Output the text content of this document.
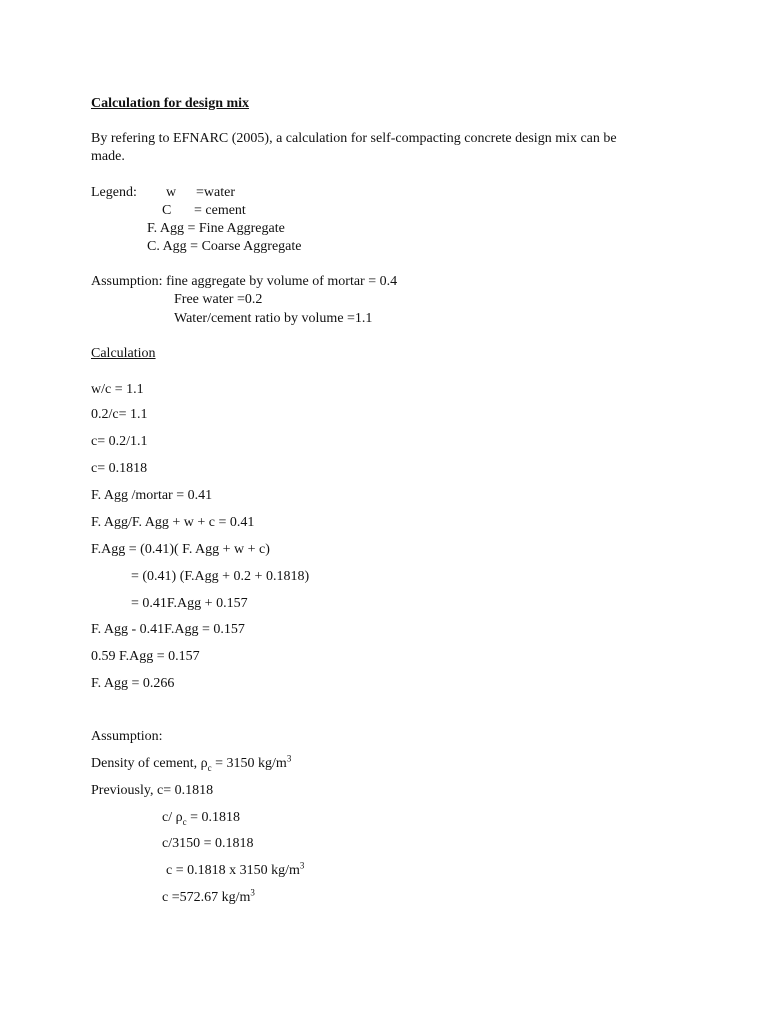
Calculation for design mix
By refering to EFNARC (2005), a calculation for self-compacting concrete design mix can be
made.
Legend: w =water
C = cement
F. Agg = Fine Aggregate
C. Agg = Coarse Aggregate
Assumption: fine aggregate by volume of mortar = 0.4
Free water =0.2
Water/cement ratio by volume =1.1
Calculation
w/c = 1.1
0.2/c= 1.1
c= 0.2/1.1
c= 0.1818
F. Agg /mortar = 0.41
F. Agg/F. Agg + w + c = 0.41
F.Agg = (0.41)( F. Agg + w + c)
= (0.41) (F.Agg + 0.2 + 0.1818)
= 0.41F.Agg + 0.157
F. Agg - 0.41F.Agg = 0.157
0.59 F.Agg = 0.157
F. Agg = 0.266
Assumption:
Density of cement, $\rho_c = 3150$ $kg/m^3$
Previously, c= 0.1818
c/ $\rho_c = 0.1818$
c/3150 = 0.1818
c = 0.1818 x 3150 $kg/m^3$
c =572.67 $kg/m^3$
